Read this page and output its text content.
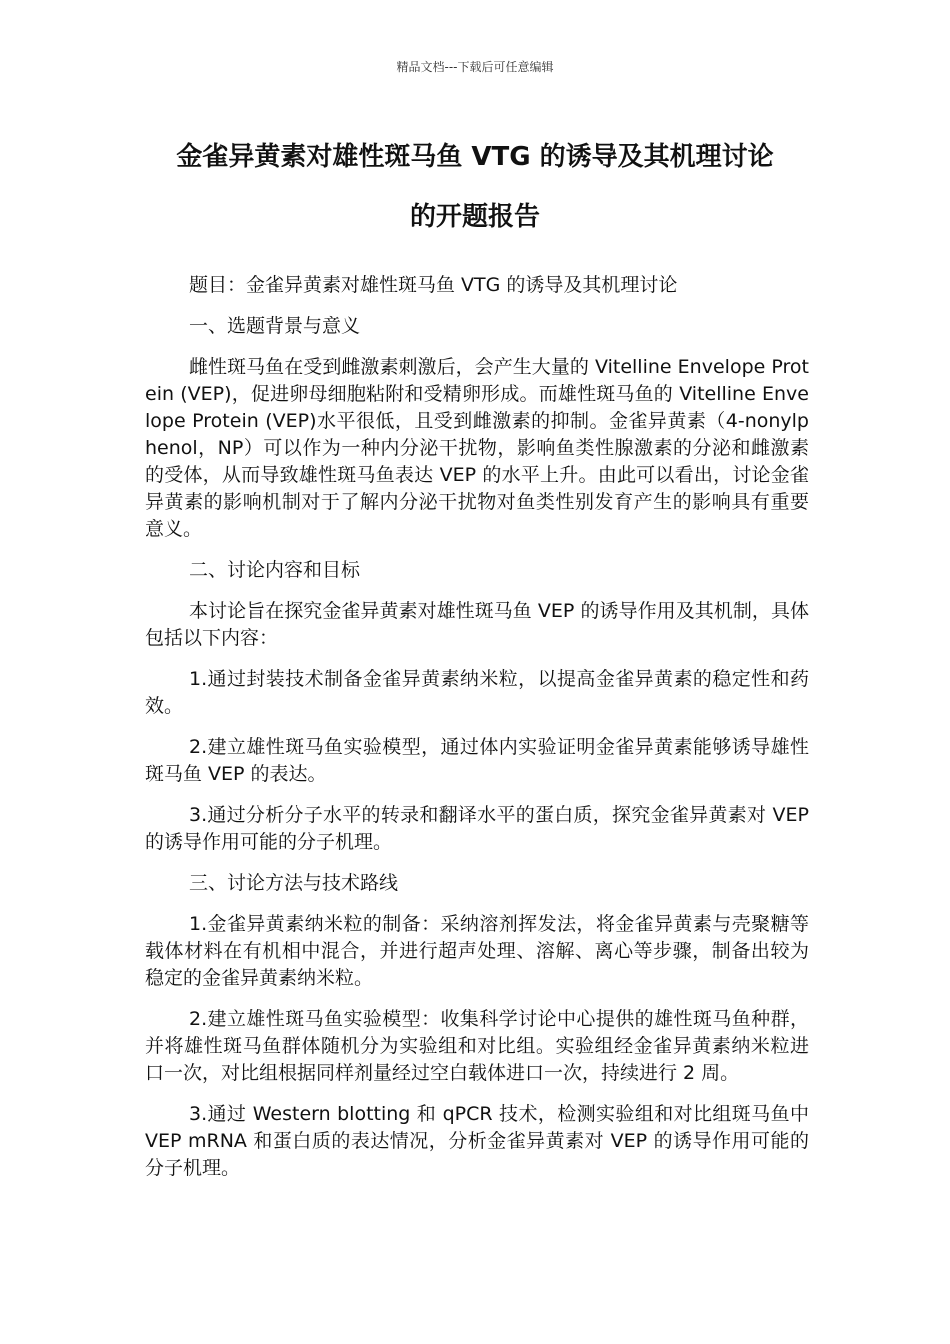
精品文档---下载后可任意编辑
金雀异黄素对雄性斑马鱼 VTG 的诱导及其机理讨论
的开题报告

题目：金雀异黄素对雄性斑马鱼 VTG 的诱导及其机理讨论

一、选题背景与意义

雌性斑马鱼在受到雌激素刺激后，会产生大量的 Vitelline Envelope Protein (VEP)，促进卵母细胞粘附和受精卵形成。而雄性斑马鱼的 Vitelline Envelope Protein (VEP)水平很低，且受到雌激素的抑制。金雀异黄素（4-nonylphenol，NP）可以作为一种内分泌干扰物，影响鱼类性腺激素的分泌和雌激素的受体，从而导致雄性斑马鱼表达 VEP 的水平上升。由此可以看出，讨论金雀异黄素的影响机制对于了解内分泌干扰物对鱼类性别发育产生的影响具有重要意义。

二、讨论内容和目标

本讨论旨在探究金雀异黄素对雄性斑马鱼 VEP 的诱导作用及其机制，具体包括以下内容：

1.通过封装技术制备金雀异黄素纳米粒，以提高金雀异黄素的稳定性和药效。

2.建立雄性斑马鱼实验模型，通过体内实验证明金雀异黄素能够诱导雄性斑马鱼 VEP 的表达。

3.通过分析分子水平的转录和翻译水平的蛋白质，探究金雀异黄素对 VEP 的诱导作用可能的分子机理。

三、讨论方法与技术路线

1.金雀异黄素纳米粒的制备：采纳溶剂挥发法，将金雀异黄素与壳聚糖等载体材料在有机相中混合，并进行超声处理、溶解、离心等步骤，制备出较为稳定的金雀异黄素纳米粒。

2.建立雄性斑马鱼实验模型：收集科学讨论中心提供的雄性斑马鱼种群，并将雄性斑马鱼群体随机分为实验组和对比组。实验组经金雀异黄素纳米粒进口一次，对比组根据同样剂量经过空白载体进口一次，持续进行 2 周。

3.通过 Western blotting 和 qPCR 技术，检测实验组和对比组斑马鱼中 VEP mRNA 和蛋白质的表达情况，分析金雀异黄素对 VEP 的诱导作用可能的分子机理。
